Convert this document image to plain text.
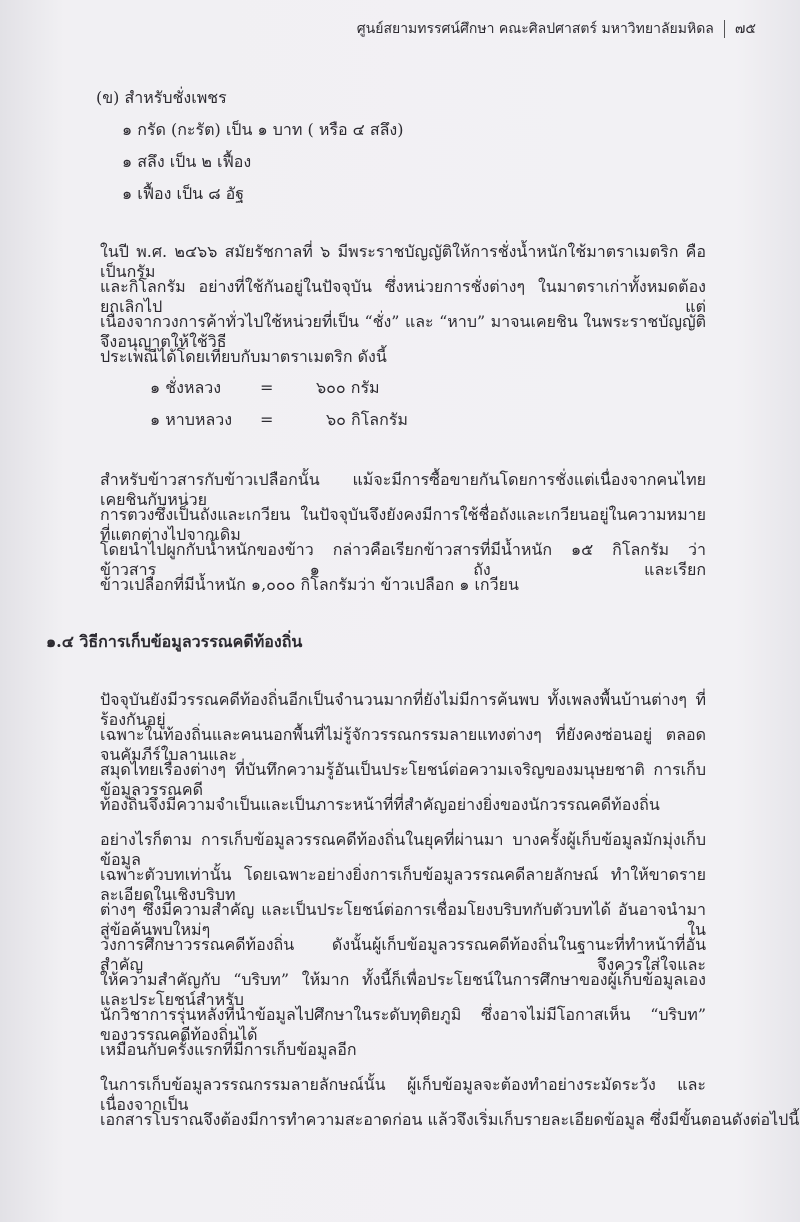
ศูนย์สยามทรรศน์ศึกษา คณะศิลปศาสตร์ มหาวิทยาลัยมหิดล ๗๕
(ข) สำหรับชั่งเพชร
๑ กรัด (กะรัต) เป็น ๑ บาท ( หรือ ๔ สลึง)
๑ สลึง เป็น ๒ เฟื้อง
๑ เฟื้อง เป็น ๘ อัฐ
ในปี พ.ศ. ๒๔๖๖ สมัยรัชกาลที่ ๖ มีพระราชบัญญัติให้การชั่งน้ำหนักใช้มาตราเมตริก คือ เป็นกรัม
และกิโลกรัม อย่างที่ใช้กันอยู่ในปัจจุบัน ซึ่งหน่วยการชั่งต่างๆ ในมาตราเก่าทั้งหมดต้องยกเลิกไป แต่
เนื่องจากวงการค้าทั่วไปใช้หน่วยที่เป็น “ชั่ง” และ “หาบ” มาจนเคยชิน ในพระราชบัญญัติจึงอนุญาตให้ใช้วิธี
ประเพณีได้โดยเทียบกับมาตราเมตริก ดังนี้
๑ ชั่งหลวง =	๖๐๐ กรัม
๑ หาบหลวง =	๖๐ กิโลกรัม
สำหรับข้าวสารกับข้าวเปลือกนั้น แม้จะมีการซื้อขายกันโดยการชั่งแต่เนื่องจากคนไทยเคยชินกับหน่วย
การตวงซึ่งเป็นถังและเกวียน ในปัจจุบันจึงยังคงมีการใช้ชื่อถังและเกวียนอยู่ในความหมายที่แตกต่างไปจากเดิม
โดยนำไปผูกกับน้ำหนักของข้าว กล่าวคือเรียกข้าวสารที่มีน้ำหนัก ๑๕ กิโลกรัม ว่า ข้าวสาร ๑ ถัง และเรียก
ข้าวเปลือกที่มีน้ำหนัก ๑,๐๐๐ กิโลกรัมว่า ข้าวเปลือก ๑ เกวียน
๑.๔ วิธีการเก็บข้อมูลวรรณคดีท้องถิ่น
ปัจจุบันยังมีวรรณคดีท้องถิ่นอีกเป็นจำนวนมากที่ยังไม่มีการค้นพบ ทั้งเพลงพื้นบ้านต่างๆ ที่ร้องกันอยู่
เฉพาะในท้องถิ่นและคนนอกพื้นที่ไม่รู้จักวรรณกรรมลายแทงต่างๆ ที่ยังคงซ่อนอยู่ ตลอดจนคัมภีร์ใบลานและ
สมุดไทยเรื่องต่างๆ ที่บันทึกความรู้อันเป็นประโยชน์ต่อความเจริญของมนุษยชาติ การเก็บข้อมูลวรรณคดี
ท้องถิ่นจึงมีความจำเป็นและเป็นภาระหน้าที่ที่สำคัญอย่างยิ่งของนักวรรณคดีท้องถิ่น
อย่างไรก็ตาม การเก็บข้อมูลวรรณคดีท้องถิ่นในยุคที่ผ่านมา บางครั้งผู้เก็บข้อมูลมักมุ่งเก็บข้อมูล
เฉพาะตัวบทเท่านั้น โดยเฉพาะอย่างยิ่งการเก็บข้อมูลวรรณคดีลายลักษณ์ ทำให้ขาดรายละเอียดในเชิงบริบท
ต่างๆ ซึ่งมีความสำคัญ และเป็นประโยชน์ต่อการเชื่อมโยงบริบทกับตัวบทได้ อันอาจนำมาสู่ข้อค้นพบใหม่ๆ ใน
วงการศึกษาวรรณคดีท้องถิ่น ดังนั้นผู้เก็บข้อมูลวรรณคดีท้องถิ่นในฐานะที่ทำหน้าที่อันสำคัญ จึงควรใส่ใจและ
ให้ความสำคัญกับ “บริบท” ให้มาก ทั้งนี้ก็เพื่อประโยชน์ในการศึกษาของผู้เก็บข้อมูลเอง และประโยชน์สำหรับ
นักวิชาการรุ่นหลังที่นำข้อมูลไปศึกษาในระดับทุติยภูมิ ซึ่งอาจไม่มีโอกาสเห็น “บริบท” ของวรรณคดีท้องถิ่นได้
เหมือนกับครั้งแรกที่มีการเก็บข้อมูลอีก
ในการเก็บข้อมูลวรรณกรรมลายลักษณ์นั้น ผู้เก็บข้อมูลจะต้องทำอย่างระมัดระวัง และเนื่องจากเป็น
เอกสารโบราณจึงต้องมีการทำความสะอาดก่อน แล้วจึงเริ่มเก็บรายละเอียดข้อมูล ซึ่งมีขั้นตอนดังต่อไปนี้
